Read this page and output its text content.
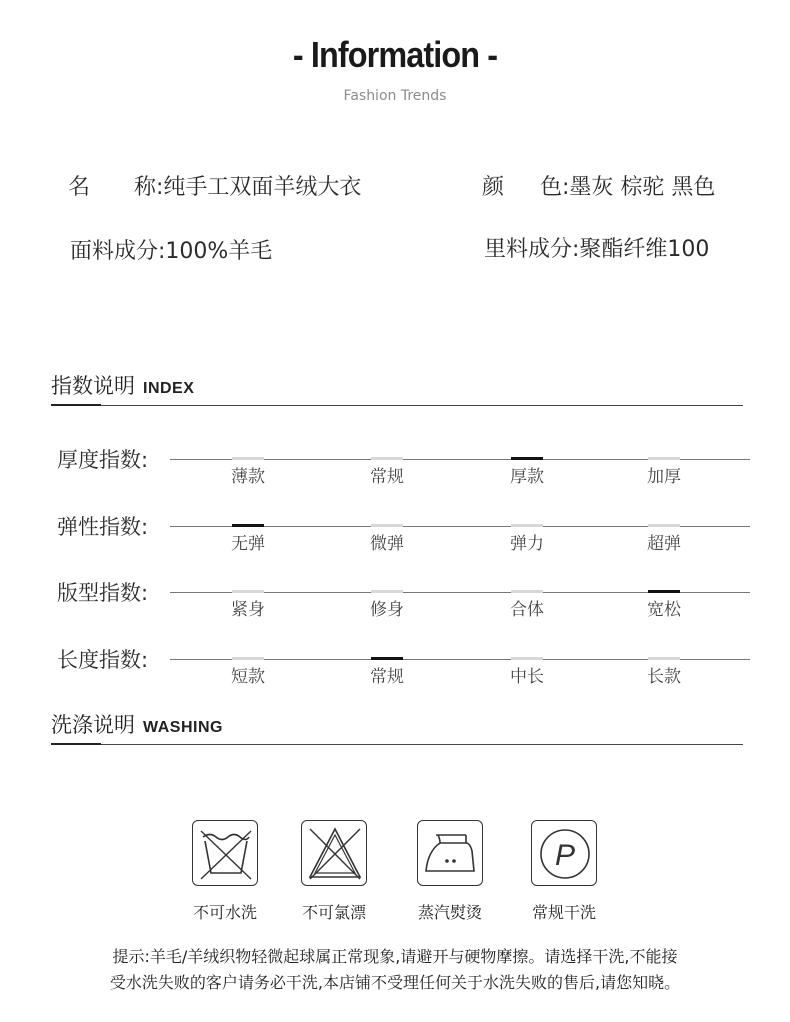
- Information -
Fashion Trends
名 称:纯手工双面羊绒大衣	颜 色:墨灰 棕驼 黑色
面料成分:100%羊毛	里料成分:聚酯纤维100
指数说明 INDEX
厚度指数:
薄款	常规	厚款	加厚
弹性指数:
无弹	微弹	弹力	超弹
版型指数:
紧身	修身	合体	宽松
长度指数:
短款	常规	中长	长款
洗涤说明 WASHING
不可水洗	不可氯漂	蒸汽熨烫
P
常规干洗
提示:羊毛/羊绒织物轻微起球属正常现象,请避开与硬物摩擦。请选择干洗,不能接
受水洗失败的客户请务必干洗,本店铺不受理任何关于水洗失败的售后,请您知晓。
